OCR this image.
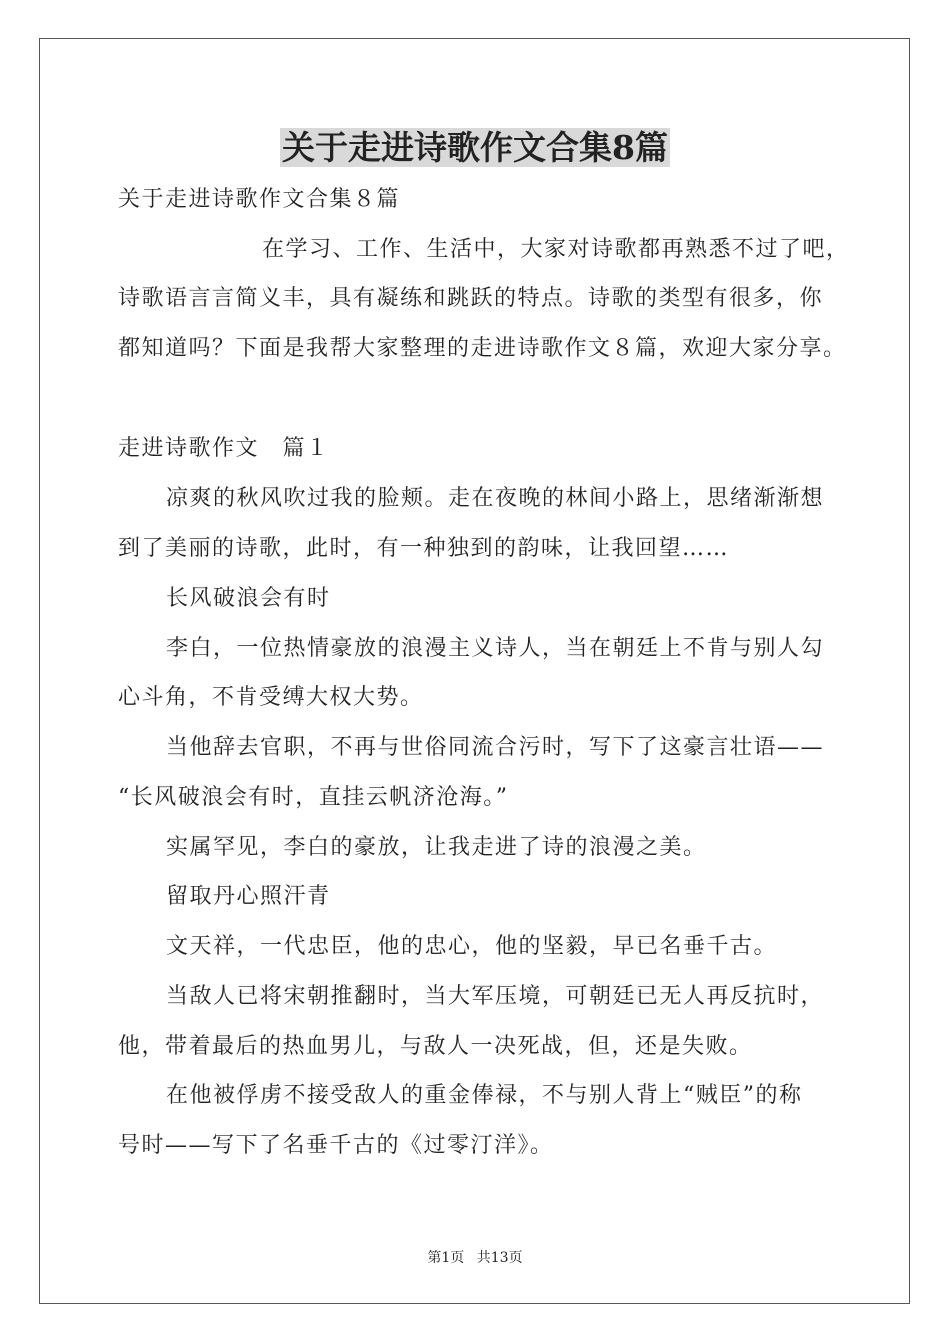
关于走进诗歌作文合集8篇
关于走进诗歌作文合集８篇
在学习、工作、生活中，大家对诗歌都再熟悉不过了吧，
诗歌语言言简义丰，具有凝练和跳跃的特点。诗歌的类型有很多，你
都知道吗？下面是我帮大家整理的走进诗歌作文８篇，欢迎大家分享。
走进诗歌作文　篇１
凉爽的秋风吹过我的脸颊。走在夜晚的林间小路上，思绪渐渐想
到了美丽的诗歌，此时，有一种独到的韵味，让我回望……
长风破浪会有时
李白，一位热情豪放的浪漫主义诗人，当在朝廷上不肯与别人勾
心斗角，不肯受缚大权大势。
当他辞去官职，不再与世俗同流合污时，写下了这豪言壮语——
“长风破浪会有时，直挂云帆济沧海。”
实属罕见，李白的豪放，让我走进了诗的浪漫之美。
留取丹心照汗青
文天祥，一代忠臣，他的忠心，他的坚毅，早已名垂千古。
当敌人已将宋朝推翻时，当大军压境，可朝廷已无人再反抗时，
他，带着最后的热血男儿，与敌人一决死战，但，还是失败。
在他被俘虏不接受敌人的重金俸禄，不与别人背上“贼臣”的称
号时——写下了名垂千古的《过零汀洋》。
第1页 共13页
